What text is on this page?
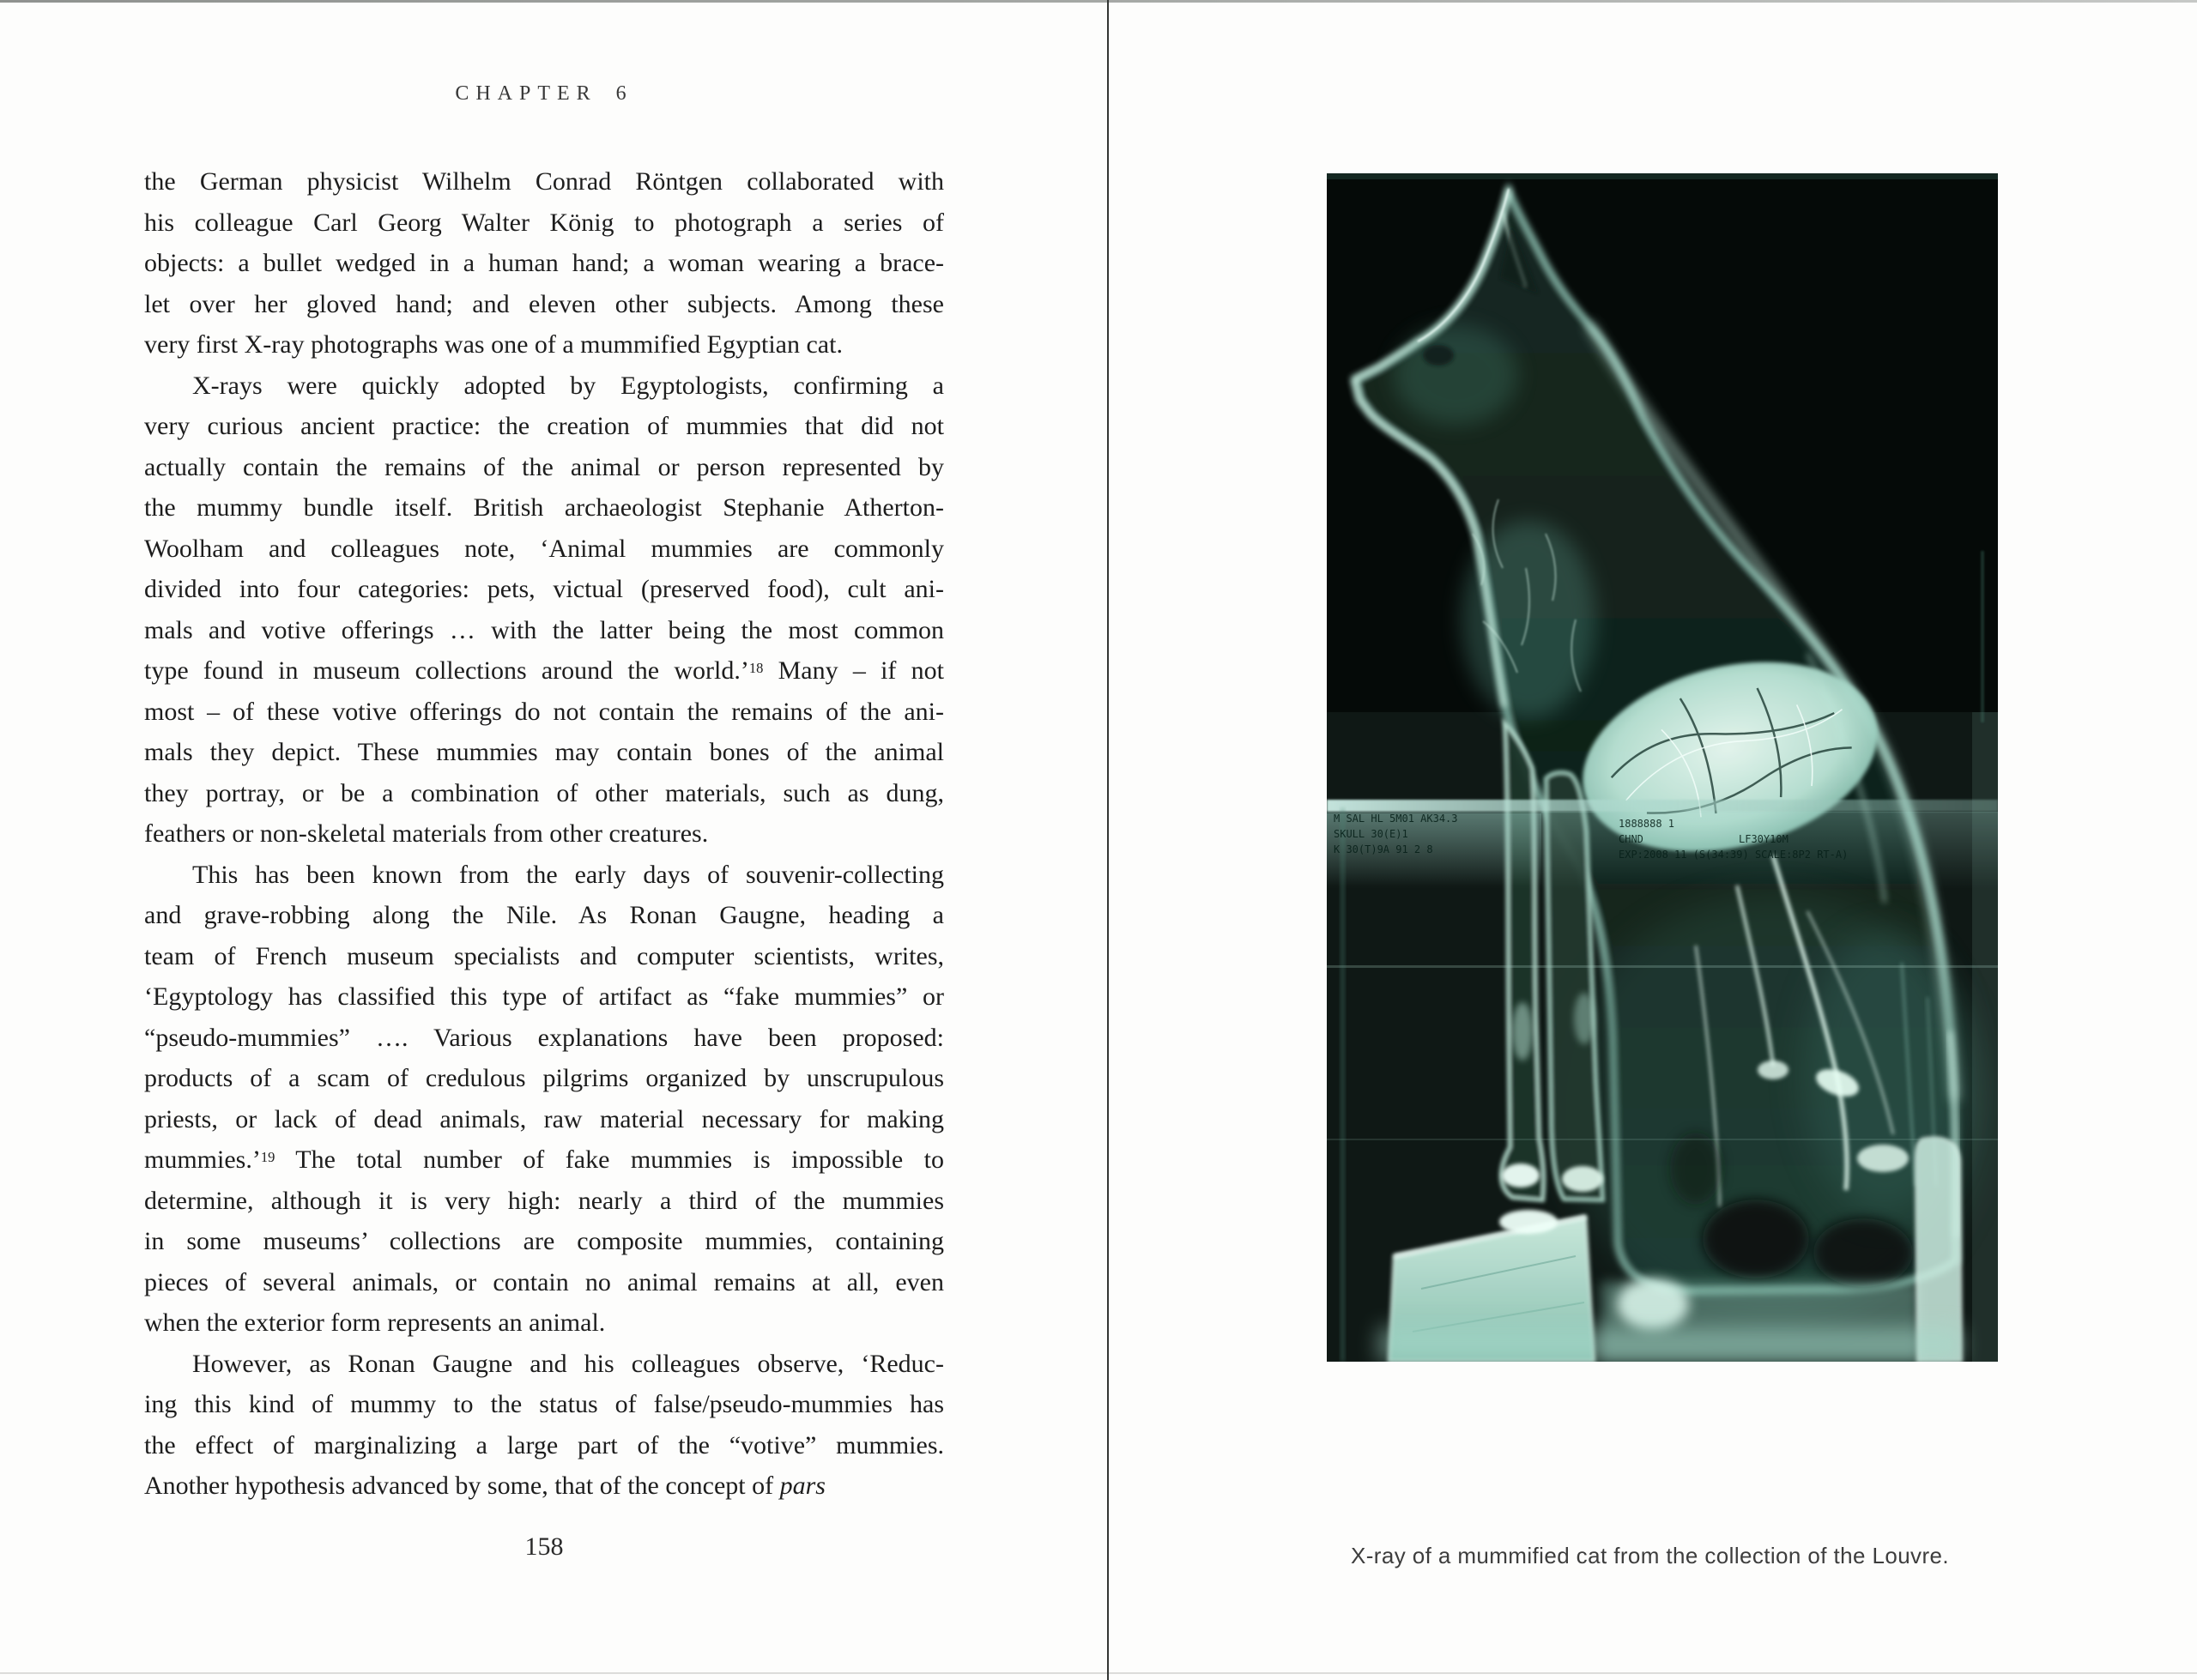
CHAPTER 6
the German physicist Wilhelm Conrad Röntgen collaborated with
his colleague Carl Georg Walter König to photograph a series of
objects: a bullet wedged in a human hand; a woman wearing a brace-
let over her gloved hand; and eleven other subjects. Among these
very first X-ray photographs was one of a mummified Egyptian cat.
X-rays were quickly adopted by Egyptologists, confirming a
very curious ancient practice: the creation of mummies that did not
actually contain the remains of the animal or person represented by
the mummy bundle itself. British archaeologist Stephanie Atherton-
Woolham and colleagues note, ‘Animal mummies are commonly
divided into four categories: pets, victual (preserved food), cult ani-
mals and votive offerings … with the latter being the most common
type found in museum collections around the world.’$^{18}$ Many – if not
most – of these votive offerings do not contain the remains of the ani-
mals they depict. These mummies may contain bones of the animal
they portray, or be a combination of other materials, such as dung,
feathers or non-skeletal materials from other creatures.
This has been known from the early days of souvenir-collecting
and grave-robbing along the Nile. As Ronan Gaugne, heading a
team of French museum specialists and computer scientists, writes,
‘Egyptology has classified this type of artifact as “fake mummies” or
“pseudo-mummies” …. Various explanations have been proposed:
products of a scam of credulous pilgrims organized by unscrupulous
priests, or lack of dead animals, raw material necessary for making
mummies.’$^{19}$ The total number of fake mummies is impossible to
determine, although it is very high: nearly a third of the mummies
in some museums’ collections are composite mummies, containing
pieces of several animals, or contain no animal remains at all, even
when the exterior form represents an animal.
However, as Ronan Gaugne and his colleagues observe, ‘Reduc-
ing this kind of mummy to the status of false/pseudo-mummies has
the effect of marginalizing a large part of the “votive” mummies.
Another hypothesis advanced by some, that of the concept of pars
158
M SAL HL 5M01 AK34.3
SKULL 30(E)1
K 30(T)9A 91 2 8
1888888 1
CHND	LF30Y10M
EXP:2008 11 (S(34:39) SCALE:8P2 RT-A)
X-ray of a mummified cat from the collection of the Louvre.
